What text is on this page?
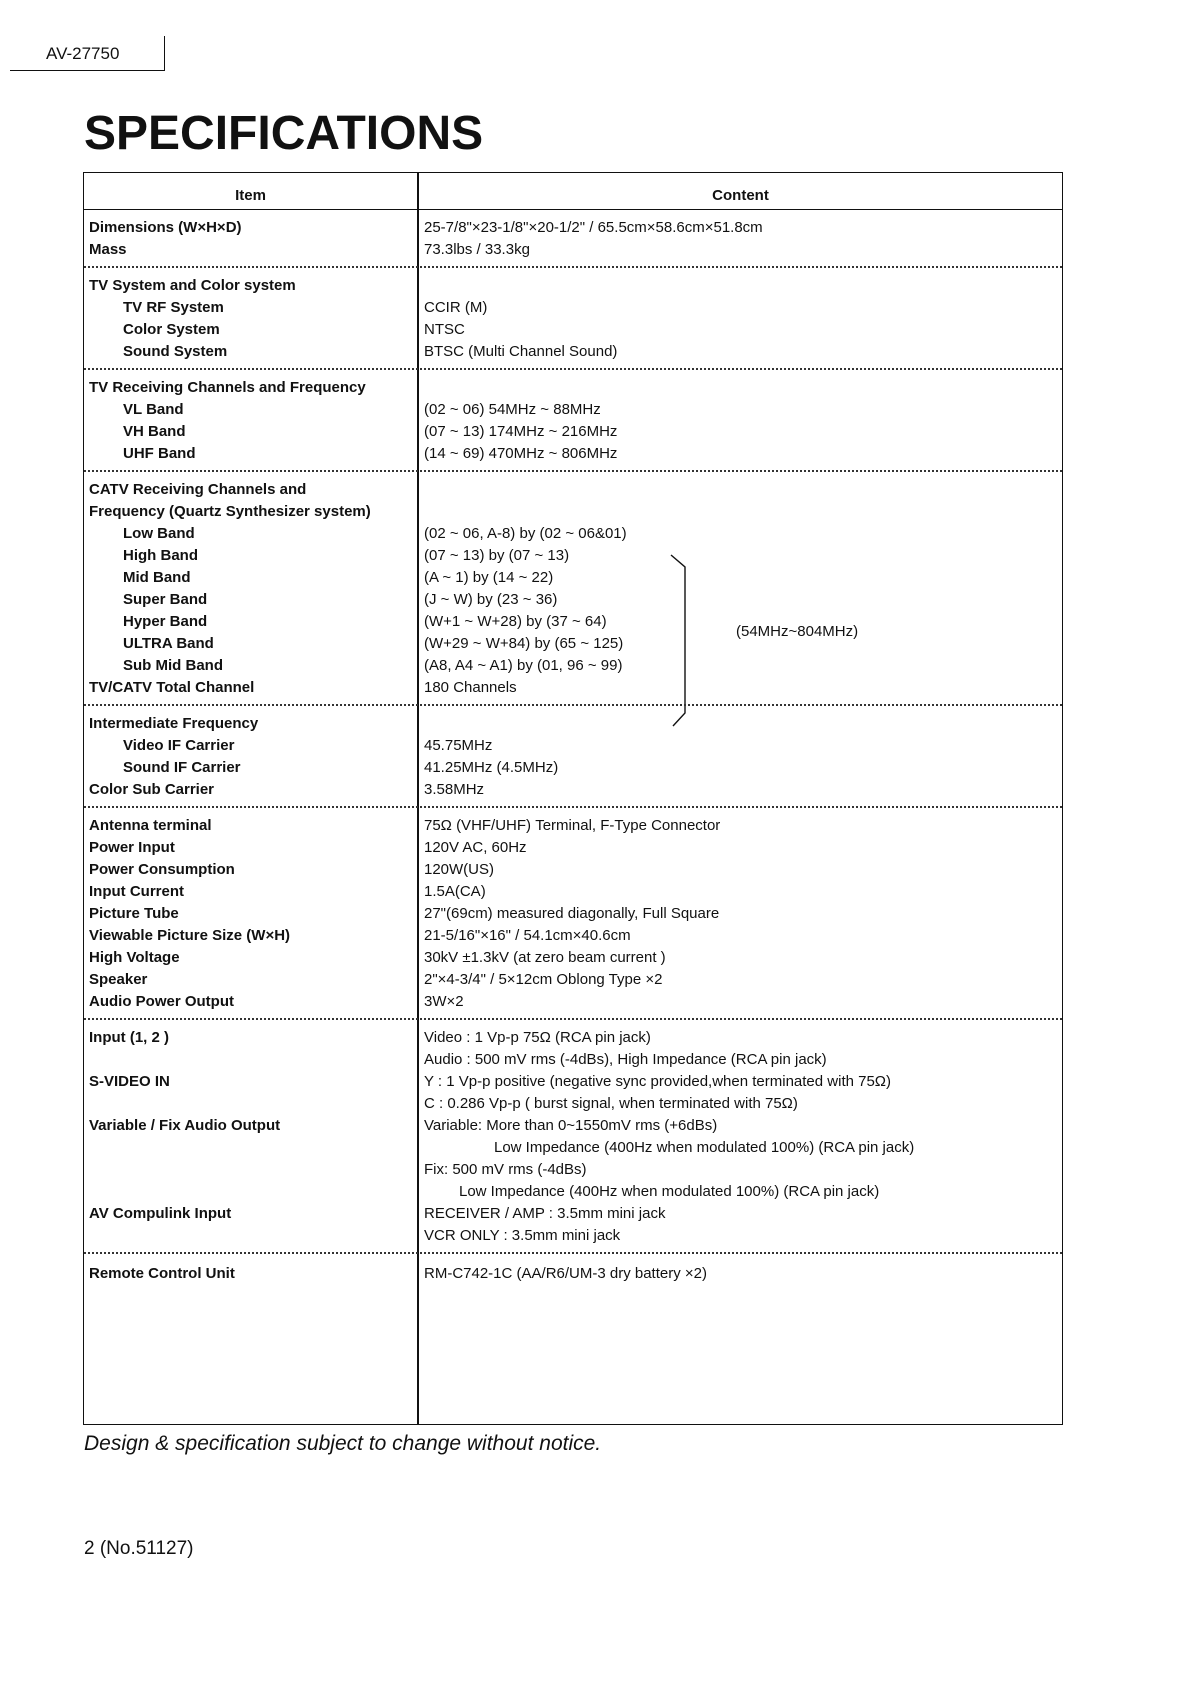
AV-27750
SPECIFICATIONS
Item	Content
Dimensions (W×H×D)	25-7/8"×23-1/8"×20-1/2" / 65.5cm×58.6cm×51.8cm
Mass	73.3lbs / 33.3kg
TV System and Color system
TV RF System	CCIR (M)
Color System	NTSC
Sound System	BTSC (Multi Channel Sound)
TV Receiving Channels and Frequency
VL Band	(02 ~ 06) 54MHz ~ 88MHz
VH Band	(07 ~ 13) 174MHz ~ 216MHz
UHF Band	(14 ~ 69) 470MHz ~ 806MHz
CATV Receiving Channels and
Frequency (Quartz Synthesizer system)
Low Band	(02 ~ 06, A-8) by (02 ~ 06&01)
High Band	(07 ~ 13) by (07 ~ 13)
Mid Band	(A ~ 1) by (14 ~ 22)
Super Band	(J ~ W) by (23 ~ 36)
Hyper Band	(W+1 ~ W+28) by (37 ~ 64)
ULTRA Band	(W+29 ~ W+84) by (65 ~ 125)
Sub Mid Band	(A8, A4 ~ A1) by (01, 96 ~ 99)
(54MHz~804MHz)
TV/CATV Total Channel	180 Channels
Intermediate Frequency
Video IF Carrier	45.75MHz
Sound IF Carrier	41.25MHz (4.5MHz)
Color Sub Carrier	3.58MHz
Antenna terminal	75Ω (VHF/UHF) Terminal, F-Type Connector
Power Input	120V AC, 60Hz
Power Consumption	120W(US)
Input Current	1.5A(CA)
Picture Tube	27"(69cm) measured diagonally, Full Square
Viewable Picture Size (W×H)	21-5/16"×16" / 54.1cm×40.6cm
High Voltage	30kV ±1.3kV (at zero beam current )
Speaker	2"×4-3/4" / 5×12cm Oblong Type ×2
Audio Power Output	3W×2
Input (1, 2 )	Video : 1 Vp-p 75Ω (RCA pin jack)
Audio : 500 mV rms (-4dBs), High Impedance (RCA pin jack)
S-VIDEO IN	Y : 1 Vp-p positive (negative sync provided,when terminated with 75Ω)
C : 0.286 Vp-p ( burst signal, when terminated with 75Ω)
Variable / Fix Audio Output	Variable: More than 0~1550mV rms (+6dBs)
Low Impedance (400Hz when modulated 100%) (RCA pin jack)
Fix: 500 mV rms (-4dBs)
Low Impedance (400Hz when modulated 100%) (RCA pin jack)
AV Compulink Input	RECEIVER / AMP : 3.5mm mini jack
VCR ONLY : 3.5mm mini jack
Remote Control Unit	RM-C742-1C (AA/R6/UM-3 dry battery ×2)
Design & specification subject to change without notice.
2 (No.51127)
